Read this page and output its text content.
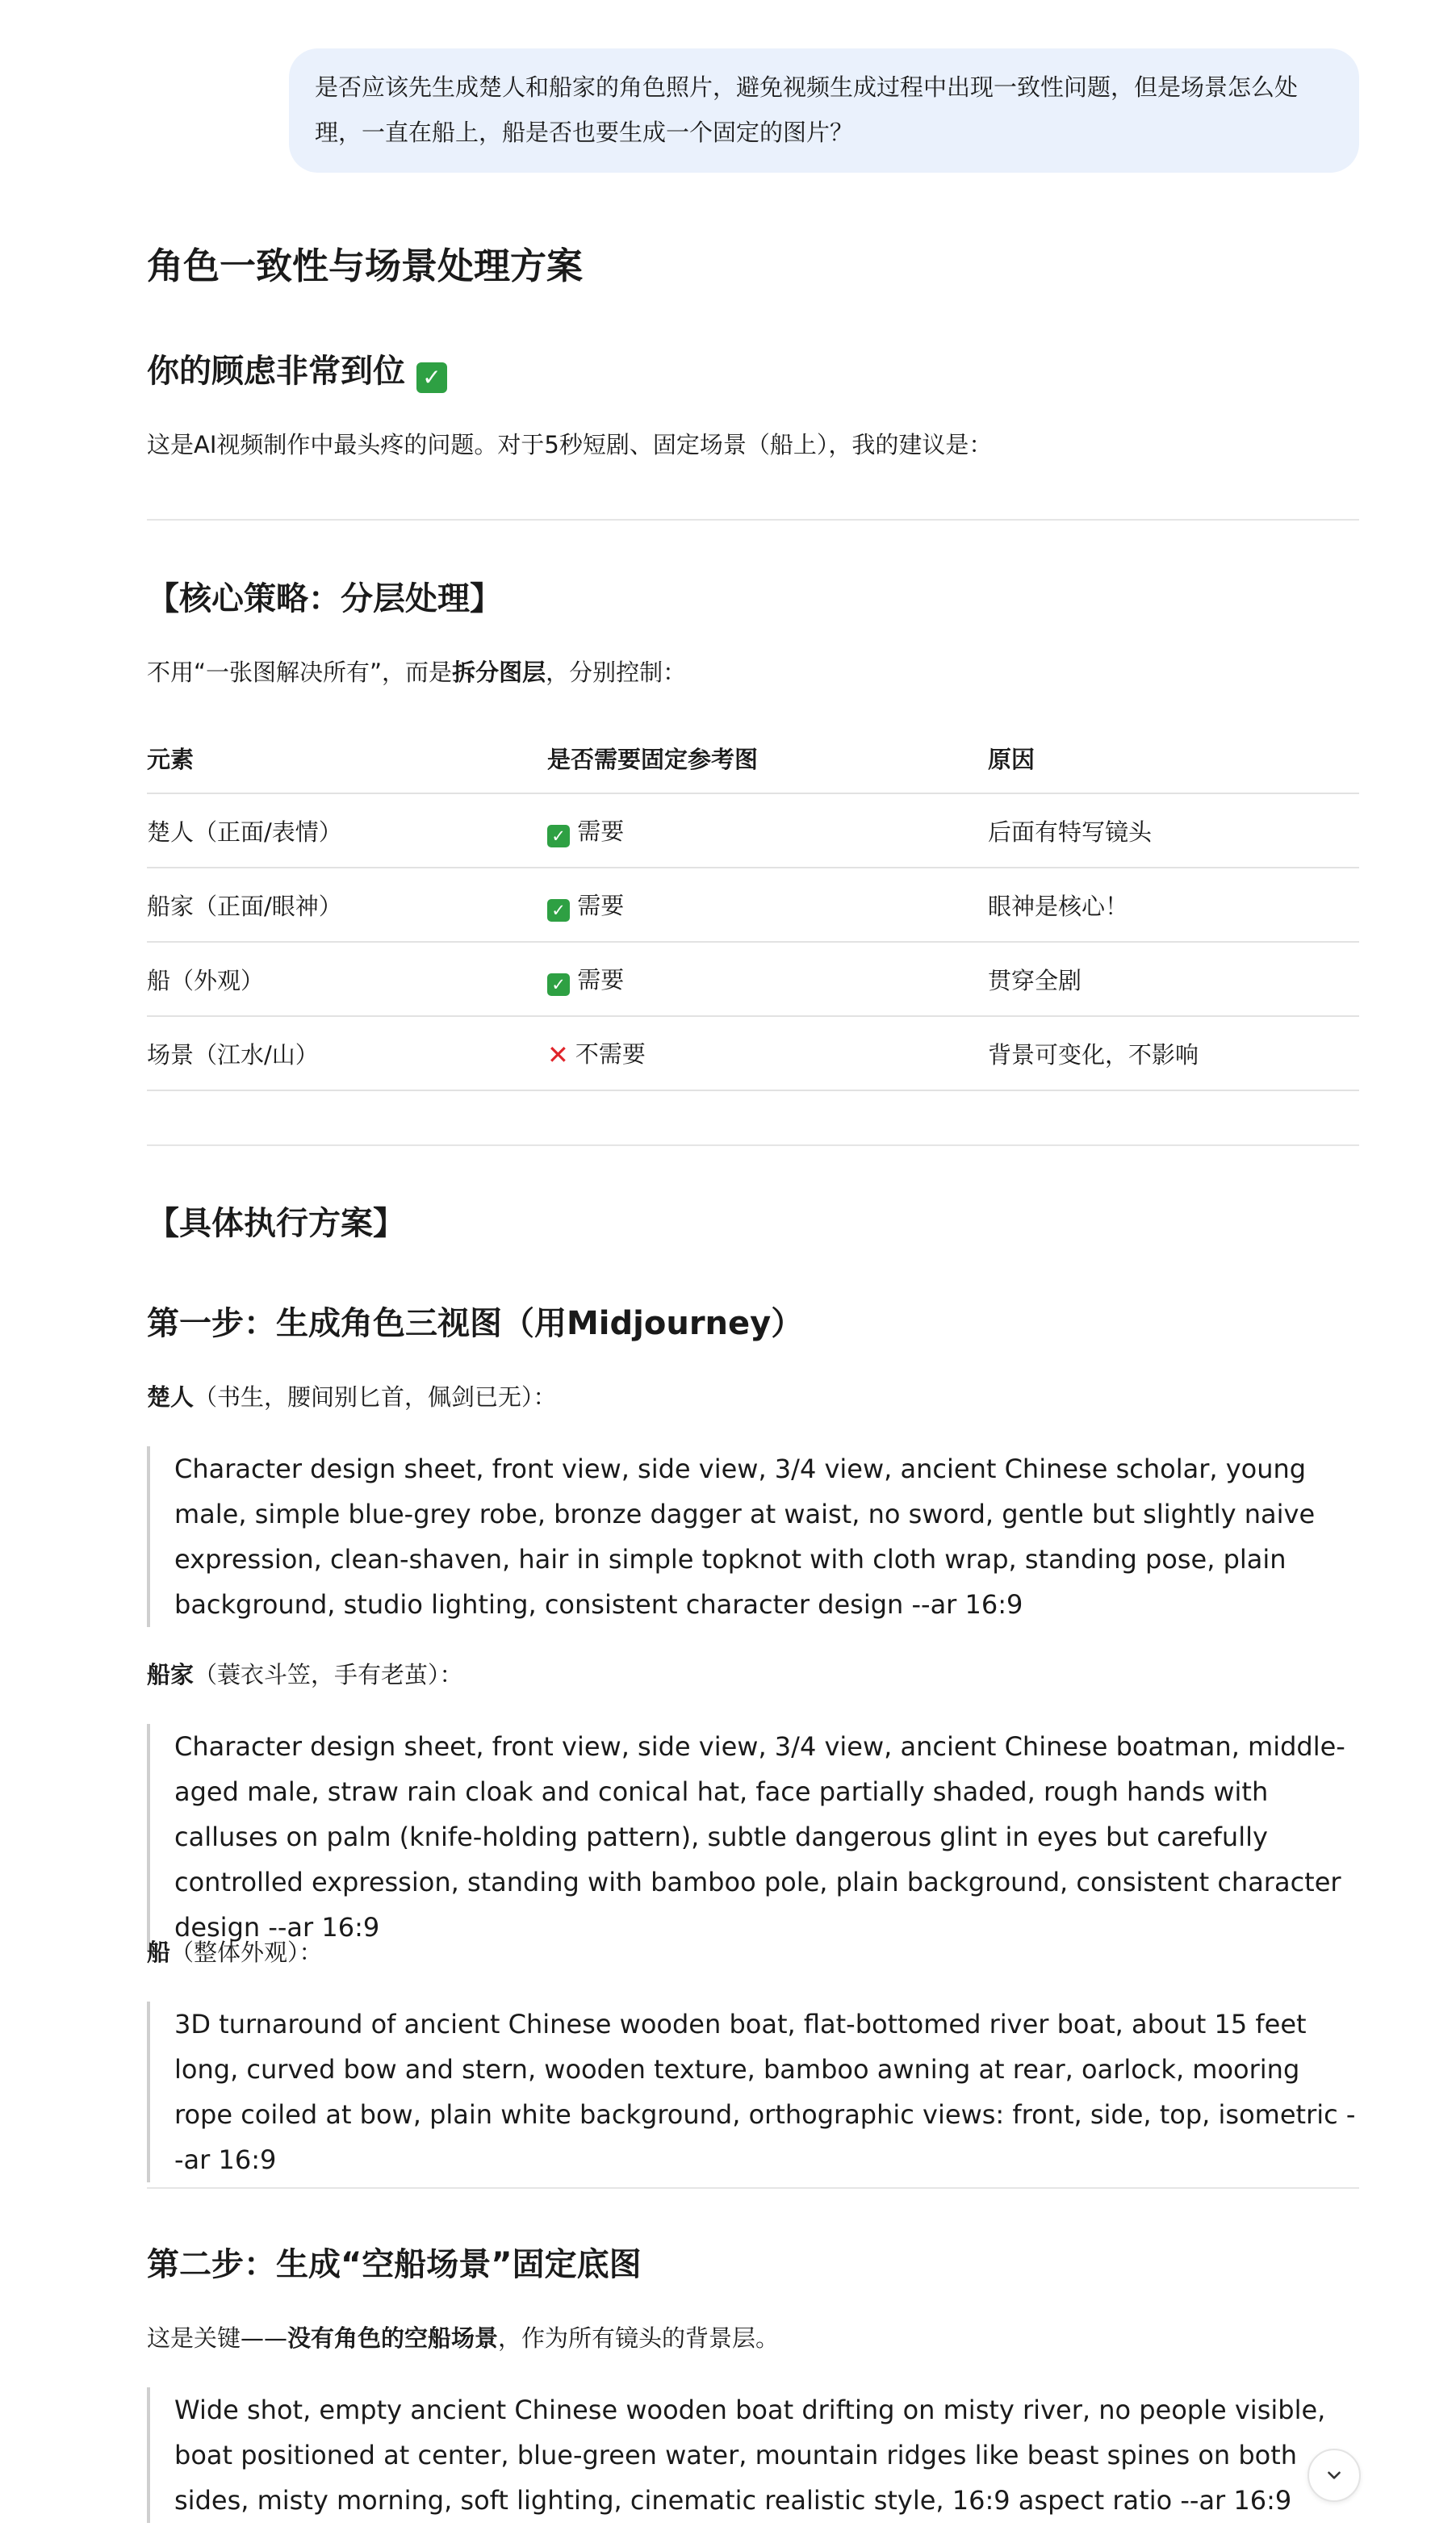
是否应该先生成楚人和船家的角色照片，避免视频生成过程中出现一致性问题，但是场景怎么处理，一直在船上，船是否也要生成一个固定的图片？
角色一致性与场景处理方案
你的顾虑非常到位 ✓

这是AI视频制作中最头疼的问题。对于5秒短剧、固定场景（船上），我的建议是：

【核心策略：分层处理】

不用“一张图解决所有”，而是拆分图层，分别控制：

元素	是否需要固定参考图	原因
楚人（正面/表情）	✓ 需要	后面有特写镜头
船家（正面/眼神）	✓ 需要	眼神是核心！
船（外观）	✓ 需要	贯穿全剧
场景（江水/山）	✕ 不需要	背景可变化，不影响
【具体执行方案】
第一步：生成角色三视图（用Midjourney）

楚人（书生，腰间别匕首，佩剑已无）：

Character design sheet, front view, side view, 3/4 view, ancient Chinese scholar, young male, simple blue-grey robe, bronze dagger at waist, no sword, gentle but slightly naive expression, clean-shaven, hair in simple topknot with cloth wrap, standing pose, plain background, studio lighting, consistent character design --ar 16:9

船家（蓑衣斗笠，手有老茧）：

Character design sheet, front view, side view, 3/4 view, ancient Chinese boatman, middle-aged male, straw rain cloak and conical hat, face partially shaded, rough hands with calluses on palm (knife-holding pattern), subtle dangerous glint in eyes but carefully controlled expression, standing with bamboo pole, plain background, consistent character design --ar 16:9

船（整体外观）：

3D turnaround of ancient Chinese wooden boat, flat-bottomed river boat, about 15 feet long, curved bow and stern, wooden texture, bamboo awning at rear, oarlock, mooring rope coiled at bow, plain white background, orthographic views: front, side, top, isometric --ar 16:9
第二步：生成“空船场景”固定底图

这是关键——没有角色的空船场景，作为所有镜头的背景层。

Wide shot, empty ancient Chinese wooden boat drifting on misty river, no people visible, boat positioned at center, blue-green water, mountain ridges like beast spines on both sides, misty morning, soft lighting, cinematic realistic style, 16:9 aspect ratio --ar 16:9
